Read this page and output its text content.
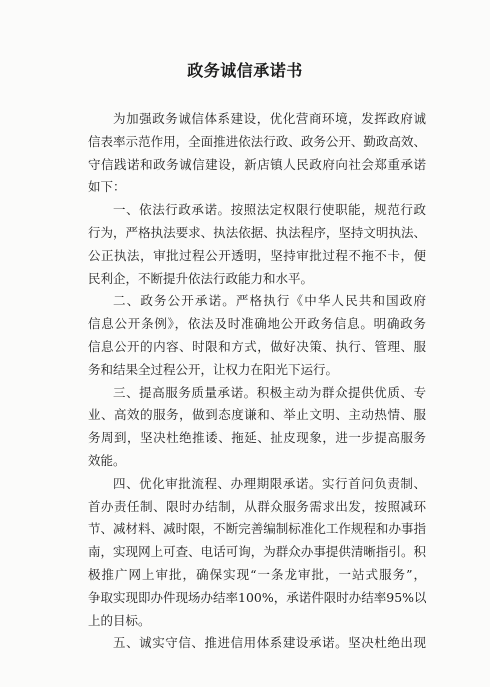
政务诚信承诺书
为加强政务诚信体系建设，优化营商环境，发挥政府诚
信表率示范作用，全面推进依法行政、政务公开、勤政高效、
守信践诺和政务诚信建设，新店镇人民政府向社会郑重承诺
如下：
一、依法行政承诺。按照法定权限行使职能，规范行政
行为，严格执法要求、执法依据、执法程序，坚持文明执法、
公正执法，审批过程公开透明，坚持审批过程不拖不卡，便
民利企，不断提升依法行政能力和水平。
二、政务公开承诺。严格执行《中华人民共和国政府
信息公开条例》，依法及时准确地公开政务信息。明确政务
信息公开的内容、时限和方式，做好决策、执行、管理、服
务和结果全过程公开，让权力在阳光下运行。
三、提高服务质量承诺。积极主动为群众提供优质、专
业、高效的服务，做到态度谦和、举止文明、主动热情、服
务周到，坚决杜绝推诿、拖延、扯皮现象，进一步提高服务
效能。
四、优化审批流程、办理期限承诺。实行首问负责制、
首办责任制、限时办结制，从群众服务需求出发，按照减环
节、减材料、减时限，不断完善编制标准化工作规程和办事指
南，实现网上可查、电话可询，为群众办事提供清晰指引。积
极推广网上审批，确保实现“一条龙审批，一站式服务”，
争取实现即办件现场办结率100%，承诺件限时办结率95%以
上的目标。
五、诚实守信、推进信用体系建设承诺。坚决杜绝出现
